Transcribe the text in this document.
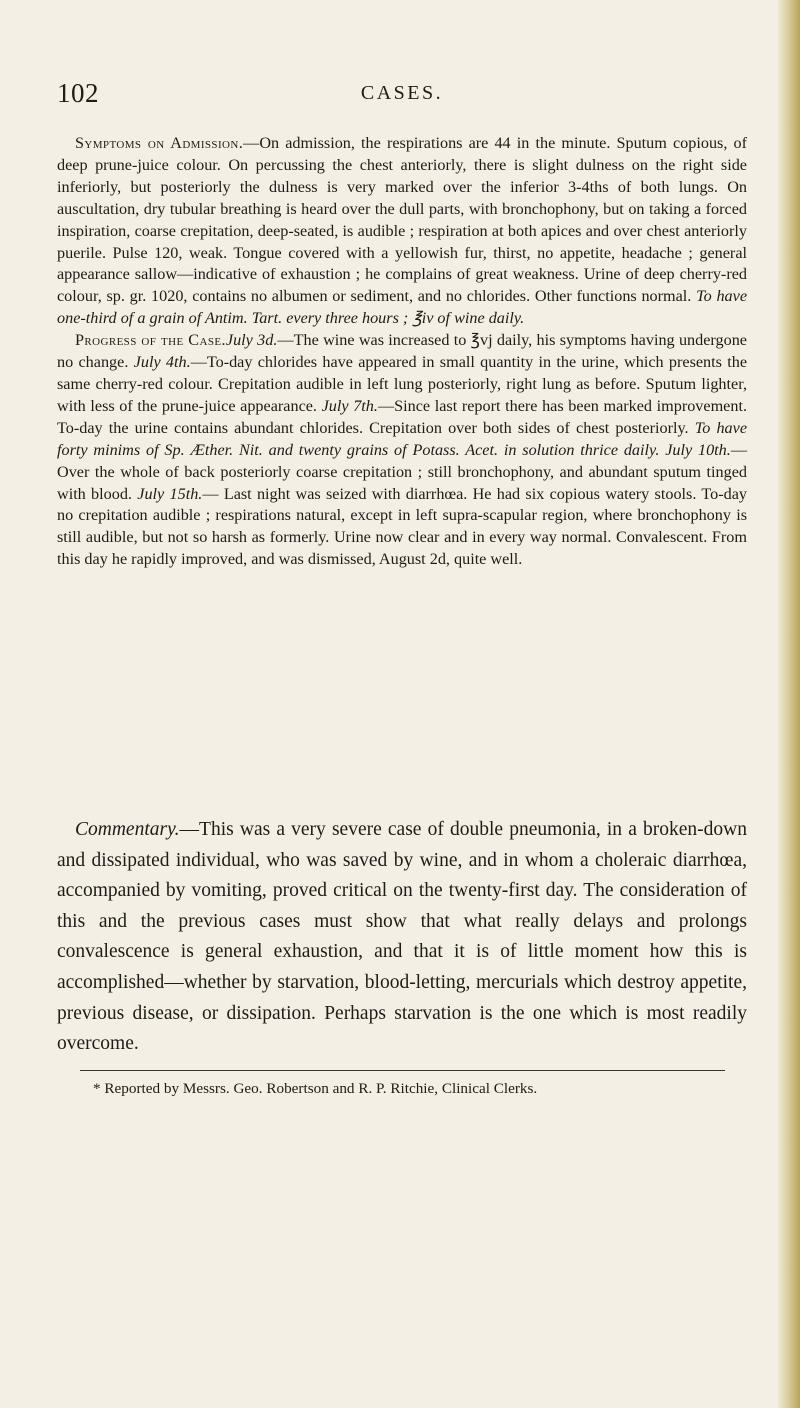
102	CASES.

Symptoms on Admission.—On admission, the respirations are 44 in the minute. Sputum copious, of deep prune-juice colour. On percussing the chest anteriorly, there is slight dulness on the right side inferiorly, but posteriorly the dulness is very marked over the inferior 3-4ths of both lungs. On auscultation, dry tubular breathing is heard over the dull parts, with bronchophony, but on taking a forced inspiration, coarse crepitation, deep-seated, is audible ; respiration at both apices and over chest anteriorly puerile. Pulse 120, weak. Tongue covered with a yellowish fur, thirst, no appetite, headache ; general appearance sallow—indicative of exhaustion ; he complains of great weakness. Urine of deep cherry-red colour, sp. gr. 1020, contains no albumen or sediment, and no chlorides. Other functions normal. To have one-third of a grain of Antim. Tart. every three hours ; ℥iv of wine daily.

Progress of the Case.July 3d.—The wine was increased to ℥vj daily, his symptoms having undergone no change. July 4th.—To-day chlorides have appeared in small quantity in the urine, which presents the same cherry-red colour. Crepitation audible in left lung posteriorly, right lung as before. Sputum lighter, with less of the prune-juice appearance. July 7th.—Since last report there has been marked improvement. To-day the urine contains abundant chlorides. Crepitation over both sides of chest posteriorly. To have forty minims of Sp. Æther. Nit. and twenty grains of Potass. Acet. in solution thrice daily. July 10th.—Over the whole of back posteriorly coarse crepitation ; still bronchophony, and abundant sputum tinged with blood. July 15th.— Last night was seized with diarrhœa. He had six copious watery stools. To-day no crepitation audible ; respirations natural, except in left supra-scapular region, where bronchophony is still audible, but not so harsh as formerly. Urine now clear and in every way normal. Convalescent. From this day he rapidly improved, and was dismissed, August 2d, quite well.

Commentary.—This was a very severe case of double pneumonia, in a broken-down and dissipated individual, who was saved by wine, and in whom a choleraic diarrhœa, accompanied by vomiting, proved critical on the twenty-first day. The consideration of this and the previous cases must show that what really delays and prolongs convalescence is general exhaustion, and that it is of little moment how this is accomplished—whether by starvation, blood-letting, mercurials which destroy appetite, previous disease, or dissipation. Perhaps starvation is the one which is most readily overcome.

* Reported by Messrs. Geo. Robertson and R. P. Ritchie, Clinical Clerks.
